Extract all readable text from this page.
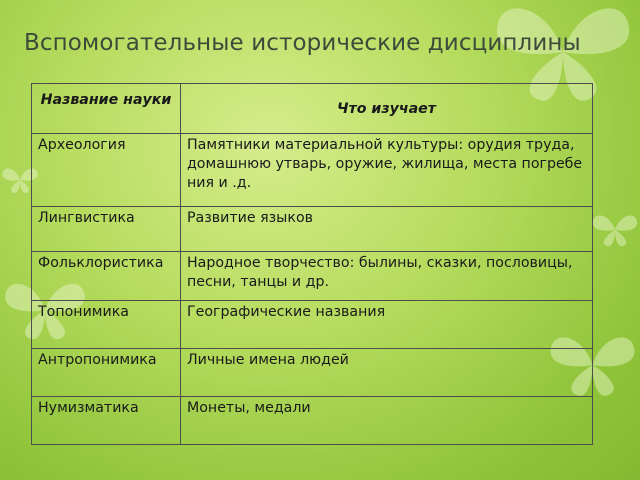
Вспомогательные исторические дисциплины
Название науки	Что изучает
Археология	Памятники материальной культуры: орудия труда, домашнюю утварь, оружие, жилища, места погребения и .д.
Лингвистика	Развитие языков
Фольклористика	Народное творчество: былины, сказки, пословицы, песни, танцы и др.
Топонимика	Географические названия
Антропонимика	Личные имена людей
Нумизматика	Монеты, медали
